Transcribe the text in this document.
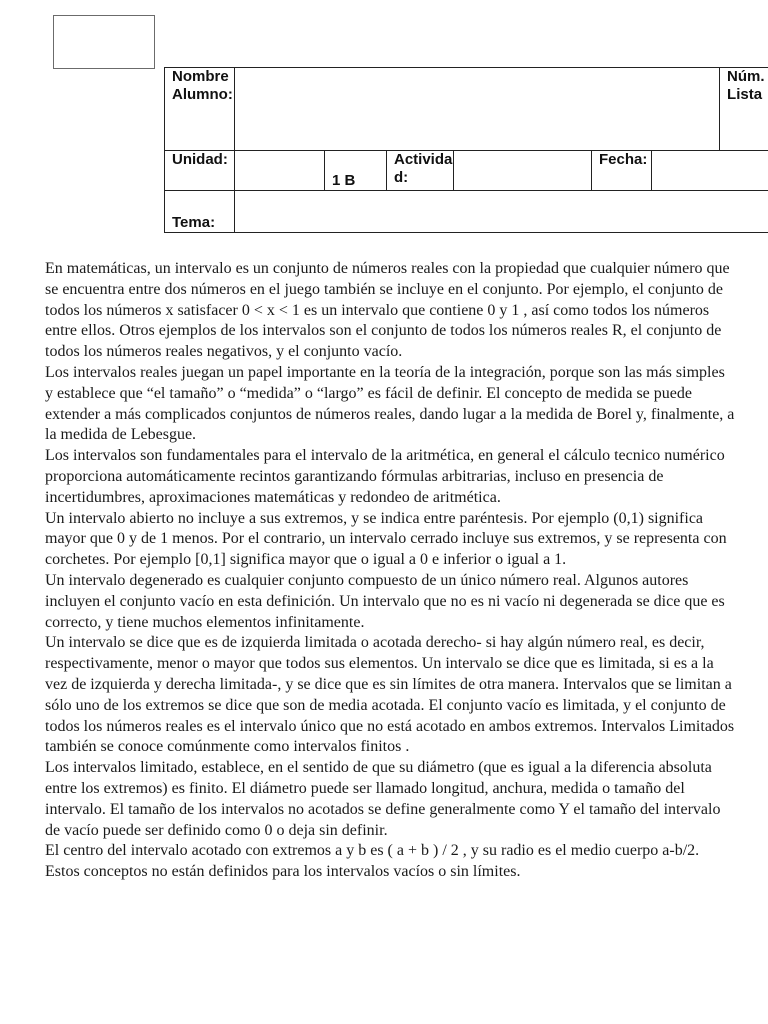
Nombre Alumno:							Núm. Lista
Unidad:		1 B	Actividad:		Fecha:		
Tema:							

En matemáticas, un intervalo es un conjunto de números reales con la propiedad que cualquier número que se encuentra entre dos números en el juego también se incluye en el conjunto. Por ejemplo, el conjunto de todos los números x satisfacer 0 < x < 1 es un intervalo que contiene 0 y 1 , así como todos los números entre ellos. Otros ejemplos de los intervalos son el conjunto de todos los números reales R, el conjunto de todos los números reales negativos, y el conjunto vacío.

Los intervalos reales juegan un papel importante en la teoría de la integración, porque son las más simples y establece que “el tamaño” o “medida” o “largo” es fácil de definir. El concepto de medida se puede extender a más complicados conjuntos de números reales, dando lugar a la medida de Borel y, finalmente, a la medida de Lebesgue.

Los intervalos son fundamentales para el intervalo de la aritmética, en general el cálculo tecnico numérico proporciona automáticamente recintos garantizando fórmulas arbitrarias, incluso en presencia de incertidumbres, aproximaciones matemáticas y redondeo de aritmética.

Un intervalo abierto no incluye a sus extremos, y se indica entre paréntesis. Por ejemplo (0,1) significa mayor que 0 y de 1 menos. Por el contrario, un intervalo cerrado incluye sus extremos, y se representa con corchetes. Por ejemplo [0,1] significa mayor que o igual a 0 e inferior o igual a 1.

Un intervalo degenerado es cualquier conjunto compuesto de un único número real. Algunos autores incluyen el conjunto vacío en esta definición. Un intervalo que no es ni vacío ni degenerada se dice que es correcto, y tiene muchos elementos infinitamente.

Un intervalo se dice que es de izquierda limitada o acotada derecho- si hay algún número real, es decir, respectivamente, menor o mayor que todos sus elementos. Un intervalo se dice que es limitada, si es a la vez de izquierda y derecha limitada-, y se dice que es sin límites de otra manera. Intervalos que se limitan a sólo uno de los extremos se dice que son de media acotada. El conjunto vacío es limitada, y el conjunto de todos los números reales es el intervalo único que no está acotado en ambos extremos. Intervalos Limitados también se conoce comúnmente como intervalos finitos .

Los intervalos limitado, establece, en el sentido de que su diámetro (que es igual a la diferencia absoluta entre los extremos) es finito. El diámetro puede ser llamado longitud, anchura, medida o tamaño del intervalo. El tamaño de los intervalos no acotados se define generalmente como Y el tamaño del intervalo de vacío puede ser definido como 0 o deja sin definir.

El centro del intervalo acotado con extremos a y b es ( a + b ) / 2 , y su radio es el medio cuerpo a-b/2. Estos conceptos no están definidos para los intervalos vacíos o sin límites.
